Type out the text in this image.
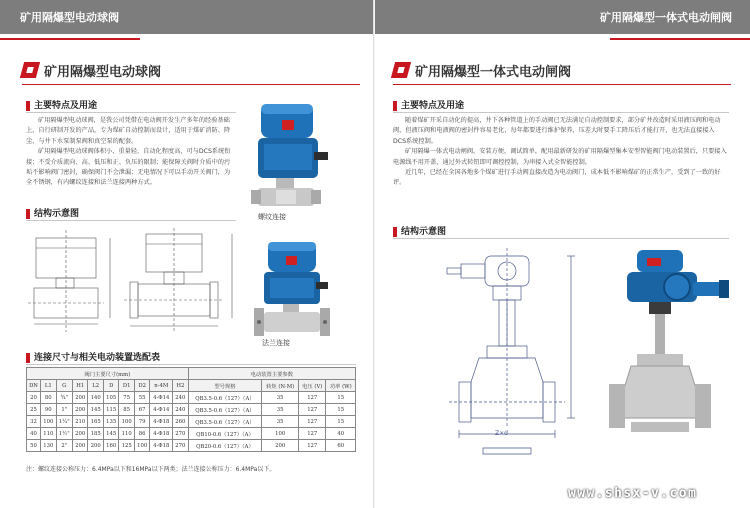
矿用隔爆型电动球阀
矿用隔爆型电动球阀
主要特点及用途

矿用隔爆型电动球阀，是我公司凭借在电动阀开发生产多年的经验基础上，自行研制开发的产品，专为煤矿自动控制而设计，适用于煤矿消防、降尘、与井下水泵制泵阀和真空泵的配套。

矿用隔爆型电动球阀体积小、重量轻、自动化程度高，可与DCS系统衔接；不受介质流向、高、低压和正、负压的限制；能保障关阀时介质中的污垢不影响阀门密封，确保阀门不会泄漏；无电情况下可以手动开关阀门，为全不锈钢，有内螺纹连接和法兰连接两种方式。

螺纹连接
法兰连接
结构示意图
连接尺寸与相关电动装置选配表
阀门主要尺寸(mm)										电动装置主要参数			
DN	L1	G	H1	L2	D	D1	D2	n-4M	H2	型号规格	转矩 (N·M)	电压 (V)	功率 (W)
20	80	¾"	200	140	105	75	55	4-Φ14	240	QB3.5-0.6（127）（A）	35	127	15
25	90	1"	200	145	115	85	67	4-Φ14	240	QB3.5-0.6（127）（A）	35	127	15
32	100	1¼"	210	165	135	100	79	4-Φ18	260	QB3.5-0.6（127）（A）	35	127	15
40	110	1½"	200	185	145	110	86	4-Φ18	270	QB10-0.6（127）（A）	100	127	40
50	130	2"	200	200	160	125	100	4-Φ18	270	QB20-0.6（127）（A）	200	127	60
注：螺纹连接公称压力：6.4MPa以下和16MPa以下两类；法兰连接公称压力：6.4MPa以下。
矿用隔爆型一体式电动闸阀
矿用隔爆型一体式电动闸阀
主要特点及用途

随着煤矿开采自动化的提高，井下各种管道上的手动阀已无法满足自动控制要求，部分矿井改造时采用液压阀和电动阀，但液压阀和电液阀的密封件容易老化，每年都要进行维护保养，压差大时要手工降压后才能打开，也无法直接接入DCS系统控制。

矿用隔爆一体式电动闸阀，安装方便，调试简单，配用最新研发的矿用隔爆型集本安型智能阀门电动装置后，只要接入电源线不用开盖，通过外式转钮即可调控控制，为串接入式全智能控制。

近几年，已经在全国各地多个煤矿进行手动阀直接改造为电动阀门，成本低不影响煤矿的正常生产，受到了一致的好评。

结构示意图
Z×d
www.shsx-v.com
